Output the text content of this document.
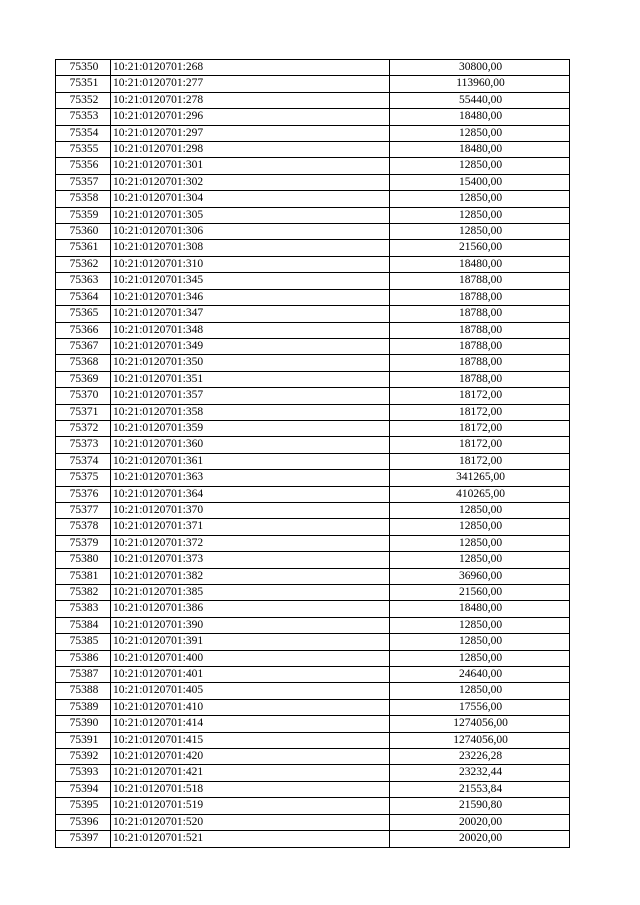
75350	10:21:0120701:268	30800,00
75351	10:21:0120701:277	113960,00
75352	10:21:0120701:278	55440,00
75353	10:21:0120701:296	18480,00
75354	10:21:0120701:297	12850,00
75355	10:21:0120701:298	18480,00
75356	10:21:0120701:301	12850,00
75357	10:21:0120701:302	15400,00
75358	10:21:0120701:304	12850,00
75359	10:21:0120701:305	12850,00
75360	10:21:0120701:306	12850,00
75361	10:21:0120701:308	21560,00
75362	10:21:0120701:310	18480,00
75363	10:21:0120701:345	18788,00
75364	10:21:0120701:346	18788,00
75365	10:21:0120701:347	18788,00
75366	10:21:0120701:348	18788,00
75367	10:21:0120701:349	18788,00
75368	10:21:0120701:350	18788,00
75369	10:21:0120701:351	18788,00
75370	10:21:0120701:357	18172,00
75371	10:21:0120701:358	18172,00
75372	10:21:0120701:359	18172,00
75373	10:21:0120701:360	18172,00
75374	10:21:0120701:361	18172,00
75375	10:21:0120701:363	341265,00
75376	10:21:0120701:364	410265,00
75377	10:21:0120701:370	12850,00
75378	10:21:0120701:371	12850,00
75379	10:21:0120701:372	12850,00
75380	10:21:0120701:373	12850,00
75381	10:21:0120701:382	36960,00
75382	10:21:0120701:385	21560,00
75383	10:21:0120701:386	18480,00
75384	10:21:0120701:390	12850,00
75385	10:21:0120701:391	12850,00
75386	10:21:0120701:400	12850,00
75387	10:21:0120701:401	24640,00
75388	10:21:0120701:405	12850,00
75389	10:21:0120701:410	17556,00
75390	10:21:0120701:414	1274056,00
75391	10:21:0120701:415	1274056,00
75392	10:21:0120701:420	23226,28
75393	10:21:0120701:421	23232,44
75394	10:21:0120701:518	21553,84
75395	10:21:0120701:519	21590,80
75396	10:21:0120701:520	20020,00
75397	10:21:0120701:521	20020,00
